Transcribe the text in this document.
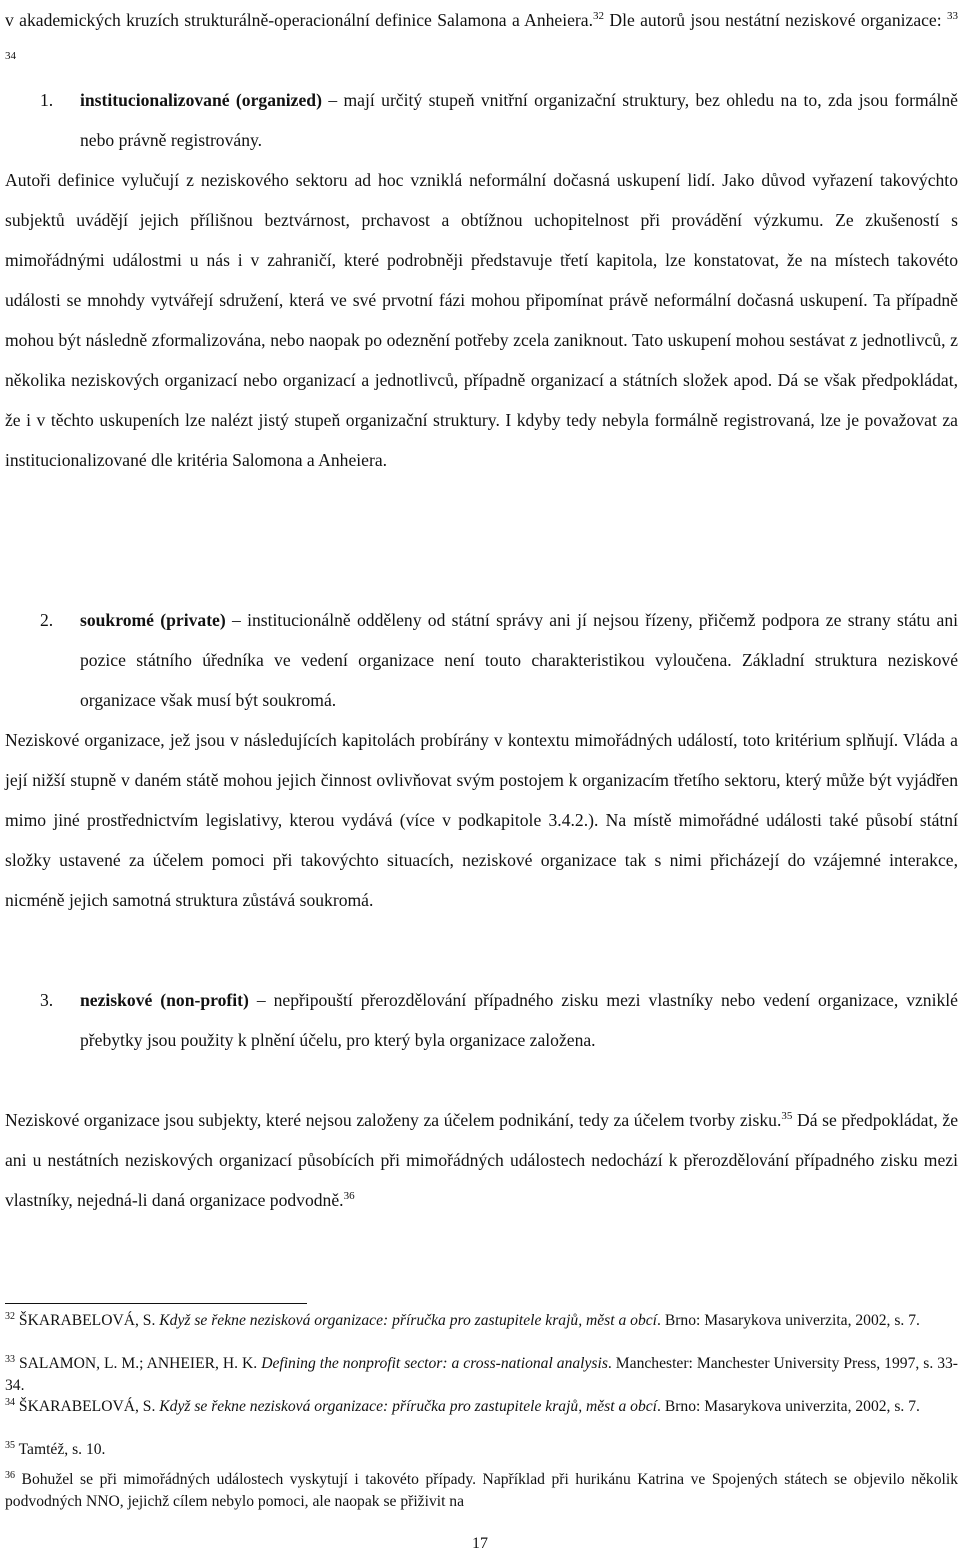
v akademických kruzích strukturálně-operacionální definice Salamona a Anheiera.$^{32}$ Dle autorů jsou nestátní neziskové organizace: $^{33}$ $^{34}$

1. institucionalizované (organized) – mají určitý stupeň vnitřní organizační struktury, bez ohledu na to, zda jsou formálně nebo právně registrovány.

Autoři definice vylučují z neziskového sektoru ad hoc vzniklá neformální dočasná uskupení lidí. Jako důvod vyřazení takovýchto subjektů uvádějí jejich přílišnou beztvárnost, prchavost a obtížnou uchopitelnost při provádění výzkumu. Ze zkušeností s mimořádnými událostmi u nás i v zahraničí, které podrobněji představuje třetí kapitola, lze konstatovat, že na místech takovéto události se mnohdy vytvářejí sdružení, která ve své prvotní fázi mohou připomínat právě neformální dočasná uskupení. Ta případně mohou být následně zformalizována, nebo naopak po odeznění potřeby zcela zaniknout. Tato uskupení mohou sestávat z jednotlivců, z několika neziskových organizací nebo organizací a jednotlivců, případně organizací a státních složek apod. Dá se však předpokládat, že i v těchto uskupeních lze nalézt jistý stupeň organizační struktury. I kdyby tedy nebyla formálně registrovaná, lze je považovat za institucionalizované dle kritéria Salomona a Anheiera.

2. soukromé (private) – institucionálně odděleny od státní správy ani jí nejsou řízeny, přičemž podpora ze strany státu ani pozice státního úředníka ve vedení organizace není touto charakteristikou vyloučena. Základní struktura neziskové organizace však musí být soukromá.

Neziskové organizace, jež jsou v následujících kapitolách probírány v kontextu mimořádných událostí, toto kritérium splňují. Vláda a její nižší stupně v daném státě mohou jejich činnost ovlivňovat svým postojem k organizacím třetího sektoru, který může být vyjádřen mimo jiné prostřednictvím legislativy, kterou vydává (více v podkapitole 3.4.2.). Na místě mimořádné události také působí státní složky ustavené za účelem pomoci při takovýchto situacích, neziskové organizace tak s nimi přicházejí do vzájemné interakce, nicméně jejich samotná struktura zůstává soukromá.

3. neziskové (non-profit) – nepřipouští přerozdělování případného zisku mezi vlastníky nebo vedení organizace, vzniklé přebytky jsou použity k plnění účelu, pro který byla organizace založena.

Neziskové organizace jsou subjekty, které nejsou založeny za účelem podnikání, tedy za účelem tvorby zisku.$^{35}$ Dá se předpokládat, že ani u nestátních neziskových organizací působících při mimořádných událostech nedochází k přerozdělování případného zisku mezi vlastníky, nejedná-li daná organizace podvodně.$^{36}$

$^{32}$ ŠKARABELOVÁ, S. Když se řekne nezisková organizace: příručka pro zastupitele krajů, měst a obcí. Brno: Masarykova univerzita, 2002, s. 7.

$^{33}$ SALAMON, L. M.; ANHEIER, H. K. Defining the nonprofit sector: a cross-national analysis. Manchester: Manchester University Press, 1997, s. 33-34.

$^{34}$ ŠKARABELOVÁ, S. Když se řekne nezisková organizace: příručka pro zastupitele krajů, měst a obcí. Brno: Masarykova univerzita, 2002, s. 7.

$^{35}$ Tamtéž, s. 10.

$^{36}$ Bohužel se při mimořádných událostech vyskytují i takovéto případy. Například při hurikánu Katrina ve Spojených státech se objevilo několik podvodných NNO, jejichž cílem nebylo pomoci, ale naopak se přiživit na

17
